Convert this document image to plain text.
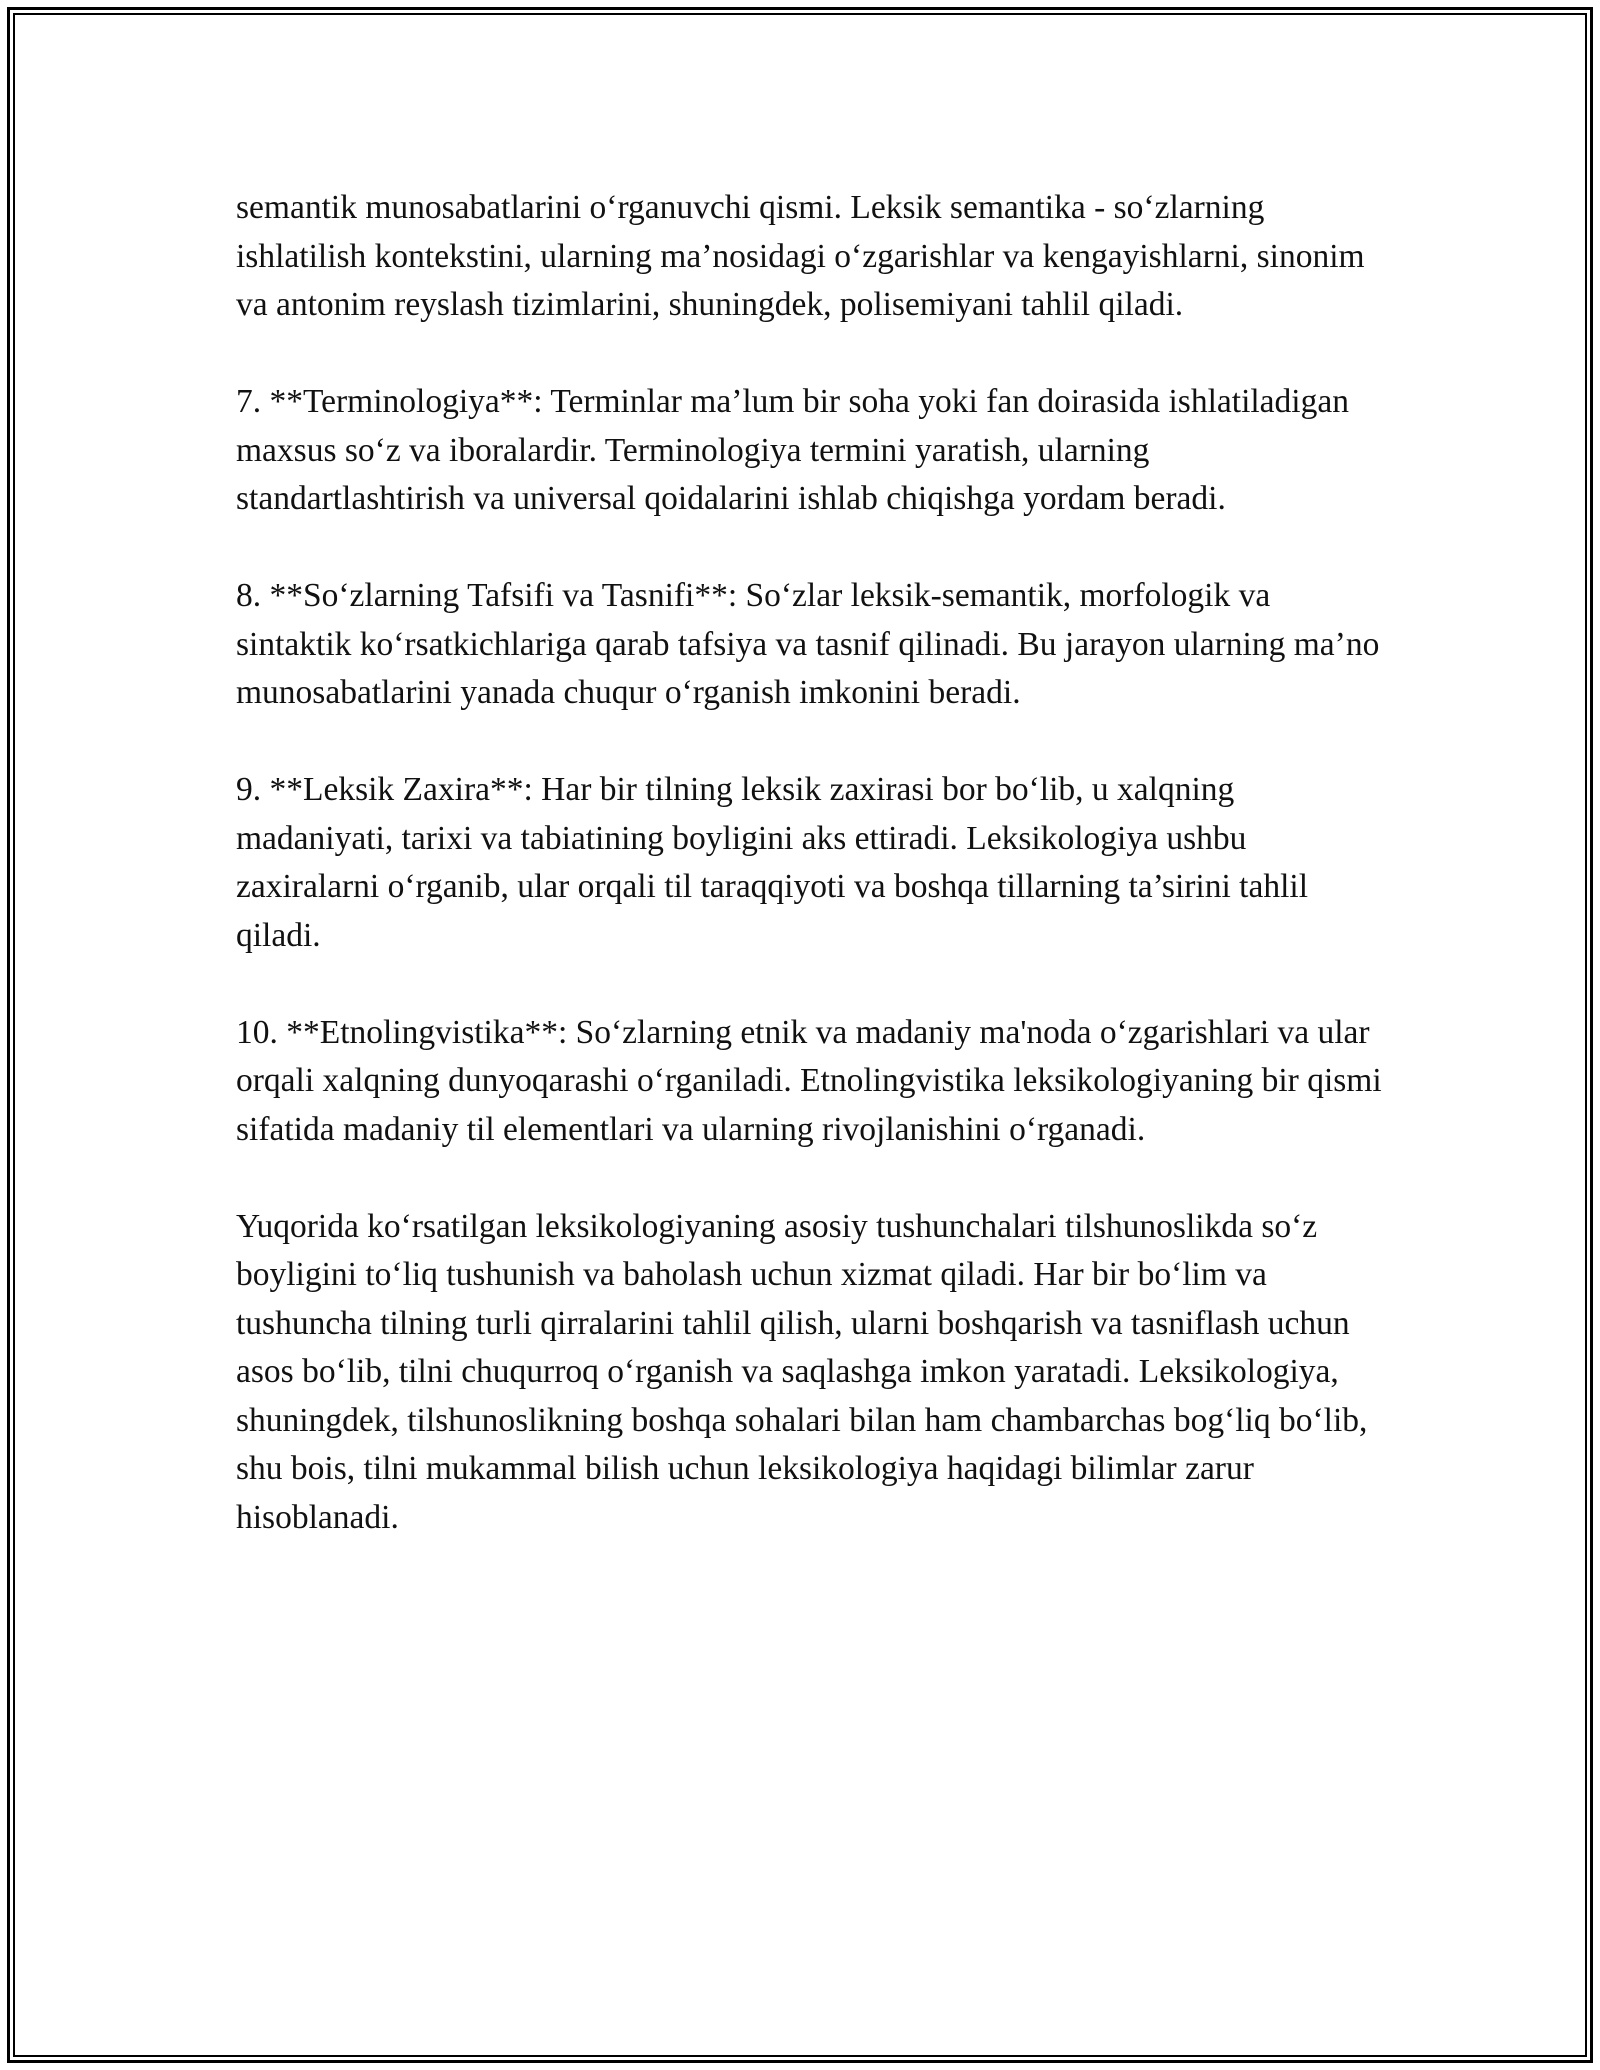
semantik munosabatlarini o‘rganuvchi qismi. Leksik semantika - so‘zlarning ishlatilish kontekstini, ularning ma’nosidagi o‘zgarishlar va kengayishlarni, sinonim va antonim reyslash tizimlarini, shuningdek, polisemiyani tahlil qiladi.

7. **Terminologiya**: Terminlar ma’lum bir soha yoki fan doirasida ishlatiladigan maxsus so‘z va iboralardir. Terminologiya termini yaratish, ularning standartlashtirish va universal qoidalarini ishlab chiqishga yordam beradi.

8. **So‘zlarning Tafsifi va Tasnifi**: So‘zlar leksik-semantik, morfologik va sintaktik ko‘rsatkichlariga qarab tafsiya va tasnif qilinadi. Bu jarayon ularning ma’no munosabatlarini yanada chuqur o‘rganish imkonini beradi.

9. **Leksik Zaxira**: Har bir tilning leksik zaxirasi bor bo‘lib, u xalqning madaniyati, tarixi va tabiatining boyligini aks ettiradi. Leksikologiya ushbu zaxiralarni o‘rganib, ular orqali til taraqqiyoti va boshqa tillarning ta’sirini tahlil qiladi.

10. **Etnolingvistika**: So‘zlarning etnik va madaniy ma'noda o‘zgarishlari va ular orqali xalqning dunyoqarashi o‘rganiladi. Etnolingvistika leksikologiyaning bir qismi sifatida madaniy til elementlari va ularning rivojlanishini o‘rganadi.

Yuqorida ko‘rsatilgan leksikologiyaning asosiy tushunchalari tilshunoslikda so‘z boyligini to‘liq tushunish va baholash uchun xizmat qiladi. Har bir bo‘lim va tushuncha tilning turli qirralarini tahlil qilish, ularni boshqarish va tasniflash uchun asos bo‘lib, tilni chuqurroq o‘rganish va saqlashga imkon yaratadi. Leksikologiya, shuningdek, tilshunoslikning boshqa sohalari bilan ham chambarchas bog‘liq bo‘lib, shu bois, tilni mukammal bilish uchun leksikologiya haqidagi bilimlar zarur hisoblanadi.
